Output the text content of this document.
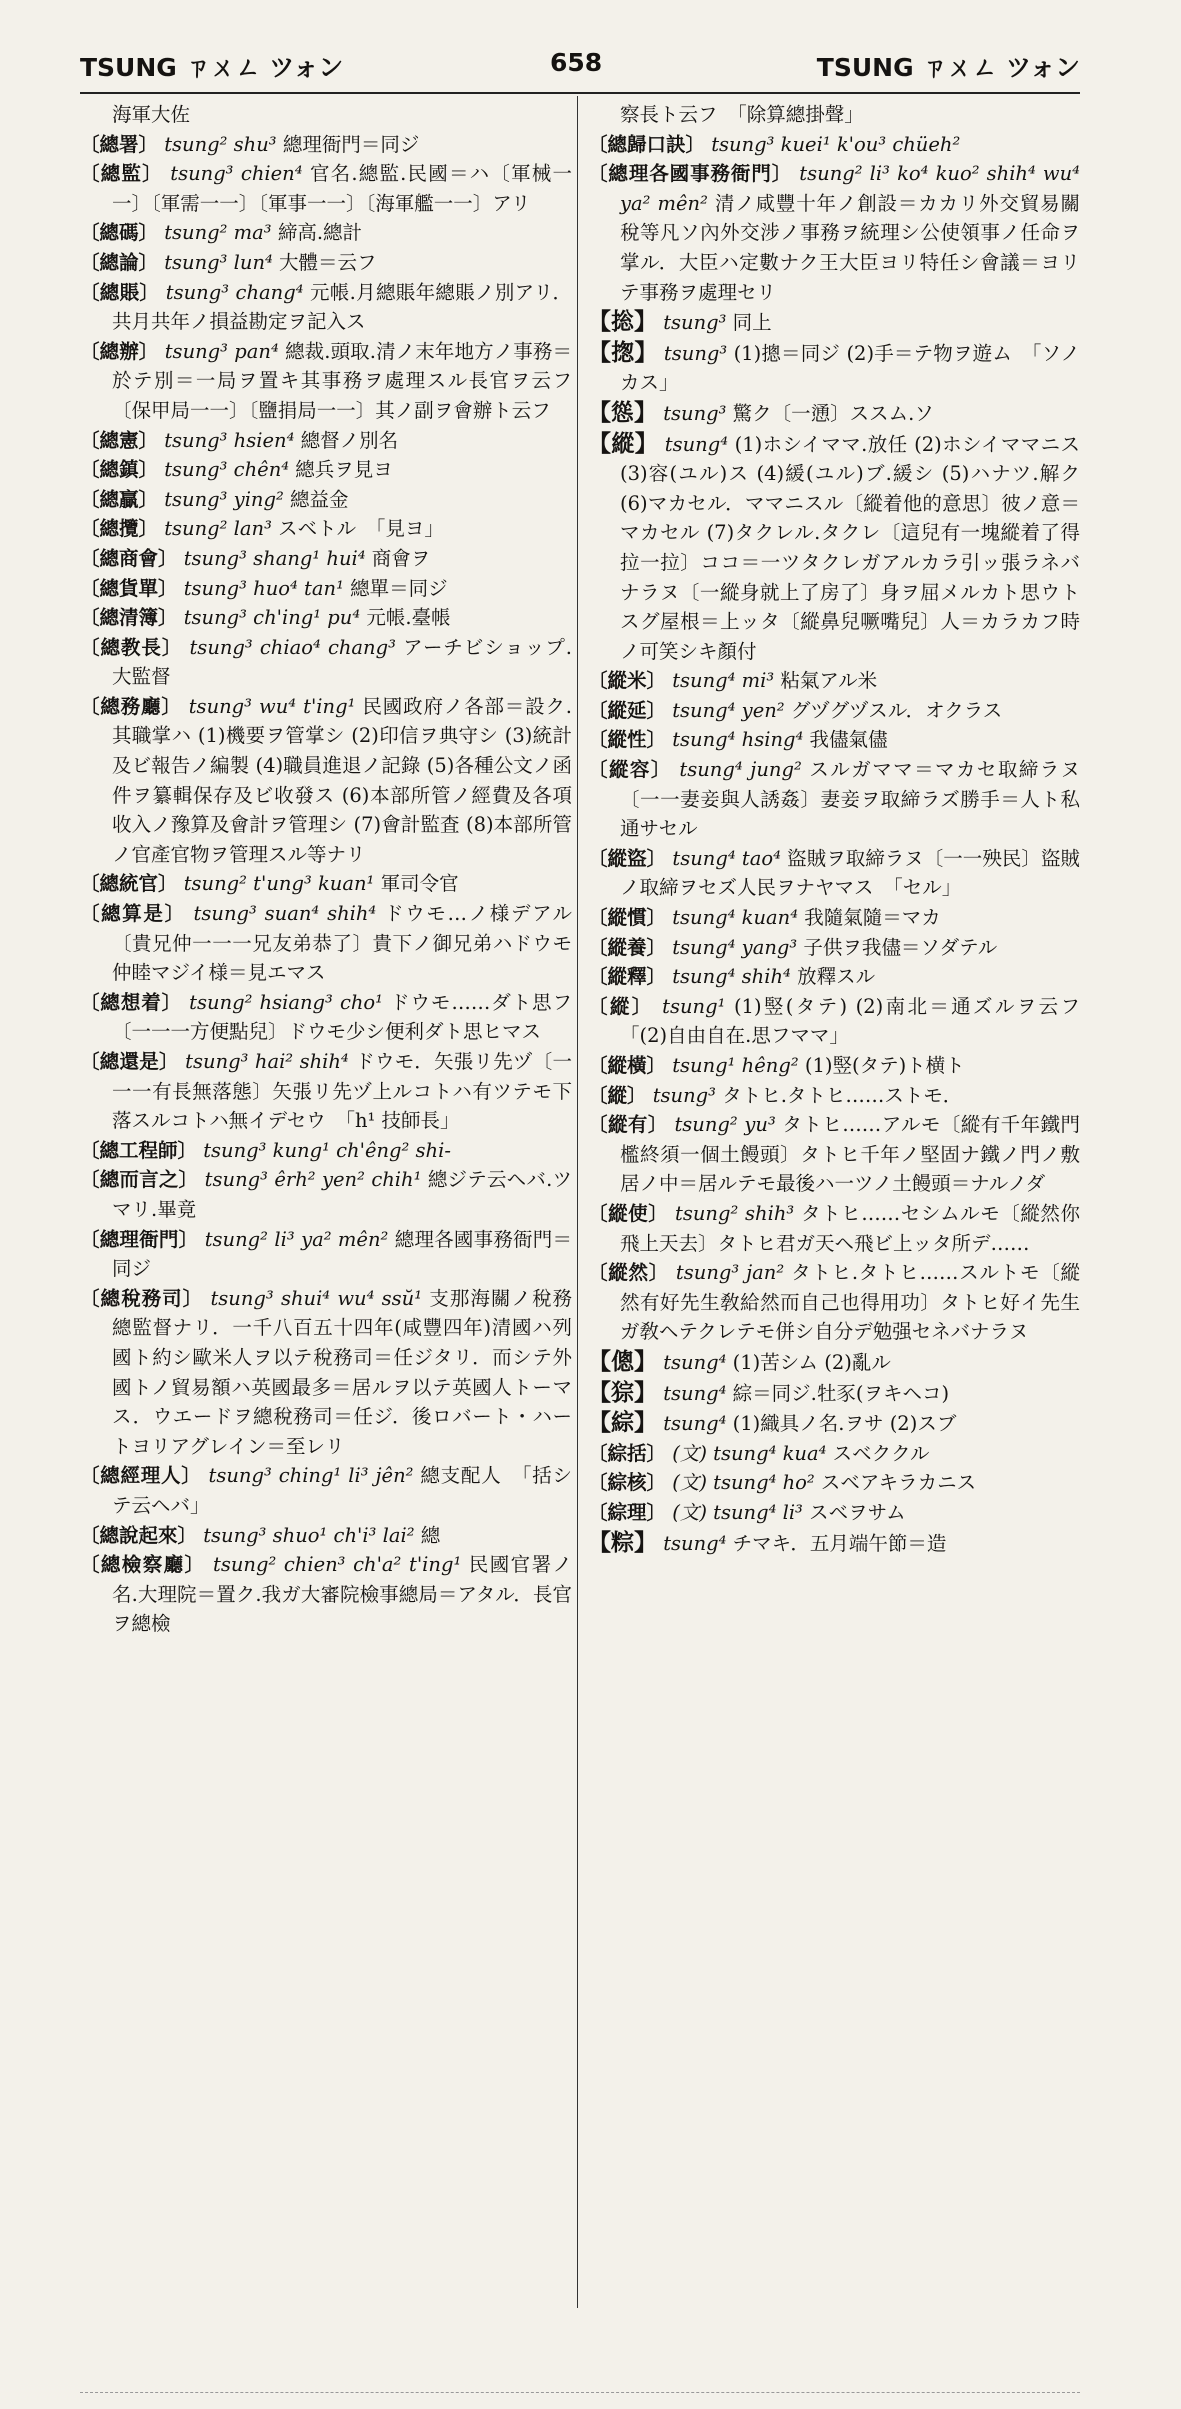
TSUNG ㄗㄨㄥ ツォン	658	TSUNG ㄗㄨㄥ ツォン
海軍大佐
〔總署〕 tsung² shu³ 總理衙門＝同ジ
〔總監〕 tsung³ chien⁴ 官名.總監.民國＝ハ〔軍械一一〕〔軍需一一〕〔軍事一一〕〔海軍艦一一〕アリ
〔總碼〕 tsung² ma³ 締高.總計
〔總論〕 tsung³ lun⁴ 大體＝云フ
〔總賬〕 tsung³ chang⁴ 元帳.月總賬年總賬ノ別アリ．共月共年ノ損益勘定ヲ記入ス
〔總辦〕 tsung³ pan⁴ 總裁.頭取.清ノ末年地方ノ事務＝於テ別＝一局ヲ置キ其事務ヲ處理スル長官ヲ云フ〔保甲局一一〕〔鹽捐局一一〕其ノ副ヲ會辦ト云フ
〔總憲〕 tsung³ hsien⁴ 總督ノ別名
〔總鎮〕 tsung³ chên⁴ 總兵ヲ見ヨ
〔總贏〕 tsung³ ying² 總益金
〔總攬〕 tsung² lan³ スベトル　「見ヨ」
〔總商會〕 tsung³ shang¹ hui⁴ 商會ヲ
〔總貨單〕 tsung³ huo⁴ tan¹ 總單＝同ジ
〔總清簿〕 tsung³ ch'ing¹ pu⁴ 元帳.臺帳
〔總教長〕 tsung³ chiao⁴ chang³ アーチビショップ.大監督
〔總務廳〕 tsung³ wu⁴ t'ing¹ 民國政府ノ各部＝設ク.其職掌ハ (1)機要ヲ管掌シ (2)印信ヲ典守シ (3)統計及ビ報告ノ編製 (4)職員進退ノ記錄 (5)各種公文ノ函件ヲ纂輯保存及ビ收發ス (6)本部所管ノ經費及各項收入ノ豫算及會計ヲ管理シ (7)會計監査 (8)本部所管ノ官產官物ヲ管理スル等ナリ
〔總統官〕 tsung² t'ung³ kuan¹ 軍司令官
〔總算是〕 tsung³ suan⁴ shih⁴ ドウモ…ノ様デアル〔貴兄仲一一一兄友弟恭了〕貴下ノ御兄弟ハドウモ仲睦マジイ様＝見エマス
〔總想着〕 tsung² hsiang³ cho¹ ドウモ……ダト思フ〔一一一方便點兒〕ドウモ少シ便利ダト思ヒマス
〔總還是〕 tsung³ hai² shih⁴ ドウモ．矢張リ先ヅ〔一一一有長無落態〕矢張リ先ヅ上ルコトハ有ツテモ下落スルコトハ無イデセウ　「h¹ 技師長」
〔總工程師〕 tsung³ kung¹ ch'êng² shi-
〔總而言之〕 tsung³ êrh² yen² chih¹ 總ジテ云ヘバ.ツマリ.畢竟
〔總理衙門〕 tsung² li³ ya² mên² 總理各國事務衙門＝同ジ
〔總稅務司〕 tsung³ shui⁴ wu⁴ ssŭ¹ 支那海關ノ稅務總監督ナリ．一千八百五十四年(咸豐四年)清國ハ列國ト約シ歐米人ヲ以テ稅務司＝任ジタリ．而シテ外國トノ貿易額ハ英國最多＝居ルヲ以テ英國人トーマス．ウエードヲ總稅務司＝任ジ．後ロバート・ハートヨリアグレイン＝至レリ
〔總經理人〕 tsung³ ching¹ li³ jên² 總支配人　「括シテ云ヘバ」
〔總說起來〕 tsung³ shuo¹ ch'i³ lai² 總
〔總檢察廳〕 tsung² chien³ ch'a² t'ing¹ 民國官署ノ名.大理院＝置ク.我ガ大審院檢事總局＝アタル．長官ヲ總檢
察長ト云フ　「除算總掛聲」
〔總歸口訣〕 tsung³ kuei¹ k'ou³ chüeh²
〔總理各國事務衙門〕 tsung² li³ ko⁴ kuo² shih⁴ wu⁴ ya² mên² 清ノ咸豐十年ノ創設＝カカリ外交貿易關稅等凡ソ內外交涉ノ事務ヲ統理シ公使領事ノ任命ヲ掌ル．大臣ハ定數ナク王大臣ヨリ特任シ會議＝ヨリテ事務ヲ處理セリ
【捴】 tsung³ 同上
【揔】 tsung³ (1)摠＝同ジ (2)手＝テ物ヲ遊ム　「ソノカス」
【慫】 tsung³ 驚ク〔一慂〕ススム.ソ
【縱】 tsung⁴ (1)ホシイママ.放任 (2)ホシイママニス (3)容(ユル)ス (4)緩(ユル)ブ.緩シ (5)ハナツ.解ク (6)マカセル．ママニスル〔縱着他的意思〕彼ノ意＝マカセル (7)タクレル.タクレ〔這兒有一塊縱着了得拉一拉〕ココ＝一ツタクレガアルカラ引ッ張ラネバナラヌ〔一縱身就上了房了〕身ヲ屈メルカト思ウトスグ屋根＝上ッタ〔縱鼻兒噘嘴兒〕人＝カラカフ時ノ可笑シキ顏付
〔縱米〕 tsung⁴ mi³ 粘氣アル米
〔縱延〕 tsung⁴ yen² グヅグヅスル．オクラス
〔縱性〕 tsung⁴ hsing⁴ 我儘氣儘
〔縱容〕 tsung⁴ jung² スルガママ＝マカセ取締ラヌ〔一一妻妾與人誘姦〕妻妾ヲ取締ラズ勝手＝人ト私通サセル
〔縱盜〕 tsung⁴ tao⁴ 盜賊ヲ取締ラヌ〔一一殃民〕盜賊ノ取締ヲセズ人民ヲナヤマス　「セル」
〔縱慣〕 tsung⁴ kuan⁴ 我隨氣隨＝マカ
〔縱養〕 tsung⁴ yang³ 子供ヲ我儘＝ソダテル
〔縱釋〕 tsung⁴ shih⁴ 放釋スル
〔縱〕 tsung¹ (1)竪(タテ) (2)南北＝通ズルヲ云フ　「(2)自由自在.思フママ」
〔縱橫〕 tsung¹ hêng² (1)竪(タテ)ト横ト
〔縱〕 tsung³ タトヒ.タトヒ……ストモ．
〔縱有〕 tsung² yu³ タトヒ……アルモ〔縱有千年鐵門檻終須一個土饅頭〕タトヒ千年ノ堅固ナ鐵ノ門ノ敷居ノ中＝居ルテモ最後ハ一ツノ土饅頭＝ナルノダ
〔縱使〕 tsung² shih³ タトヒ……セシムルモ〔縱然你飛上天去〕タトヒ君ガ天ヘ飛ビ上ッタ所デ……
〔縱然〕 tsung³ jan² タトヒ.タトヒ……スルトモ〔縱然有好先生敎給然而自己也得用功〕タトヒ好イ先生ガ敎ヘテクレテモ併シ自分デ勉强セネバナラヌ
【傯】 tsung⁴ (1)苦シム (2)亂ル
【猔】 tsung⁴ 綜＝同ジ.牡豕(ヲキヘコ)
【綜】 tsung⁴ (1)織具ノ名.ヲサ (2)スブ
〔綜括〕 (文) tsung⁴ kua⁴ スベククル
〔綜核〕 (文) tsung⁴ ho² スベアキラカニス
〔綜理〕 (文) tsung⁴ li³ スベヲサム
【粽】 tsung⁴ チマキ．五月端午節＝造
